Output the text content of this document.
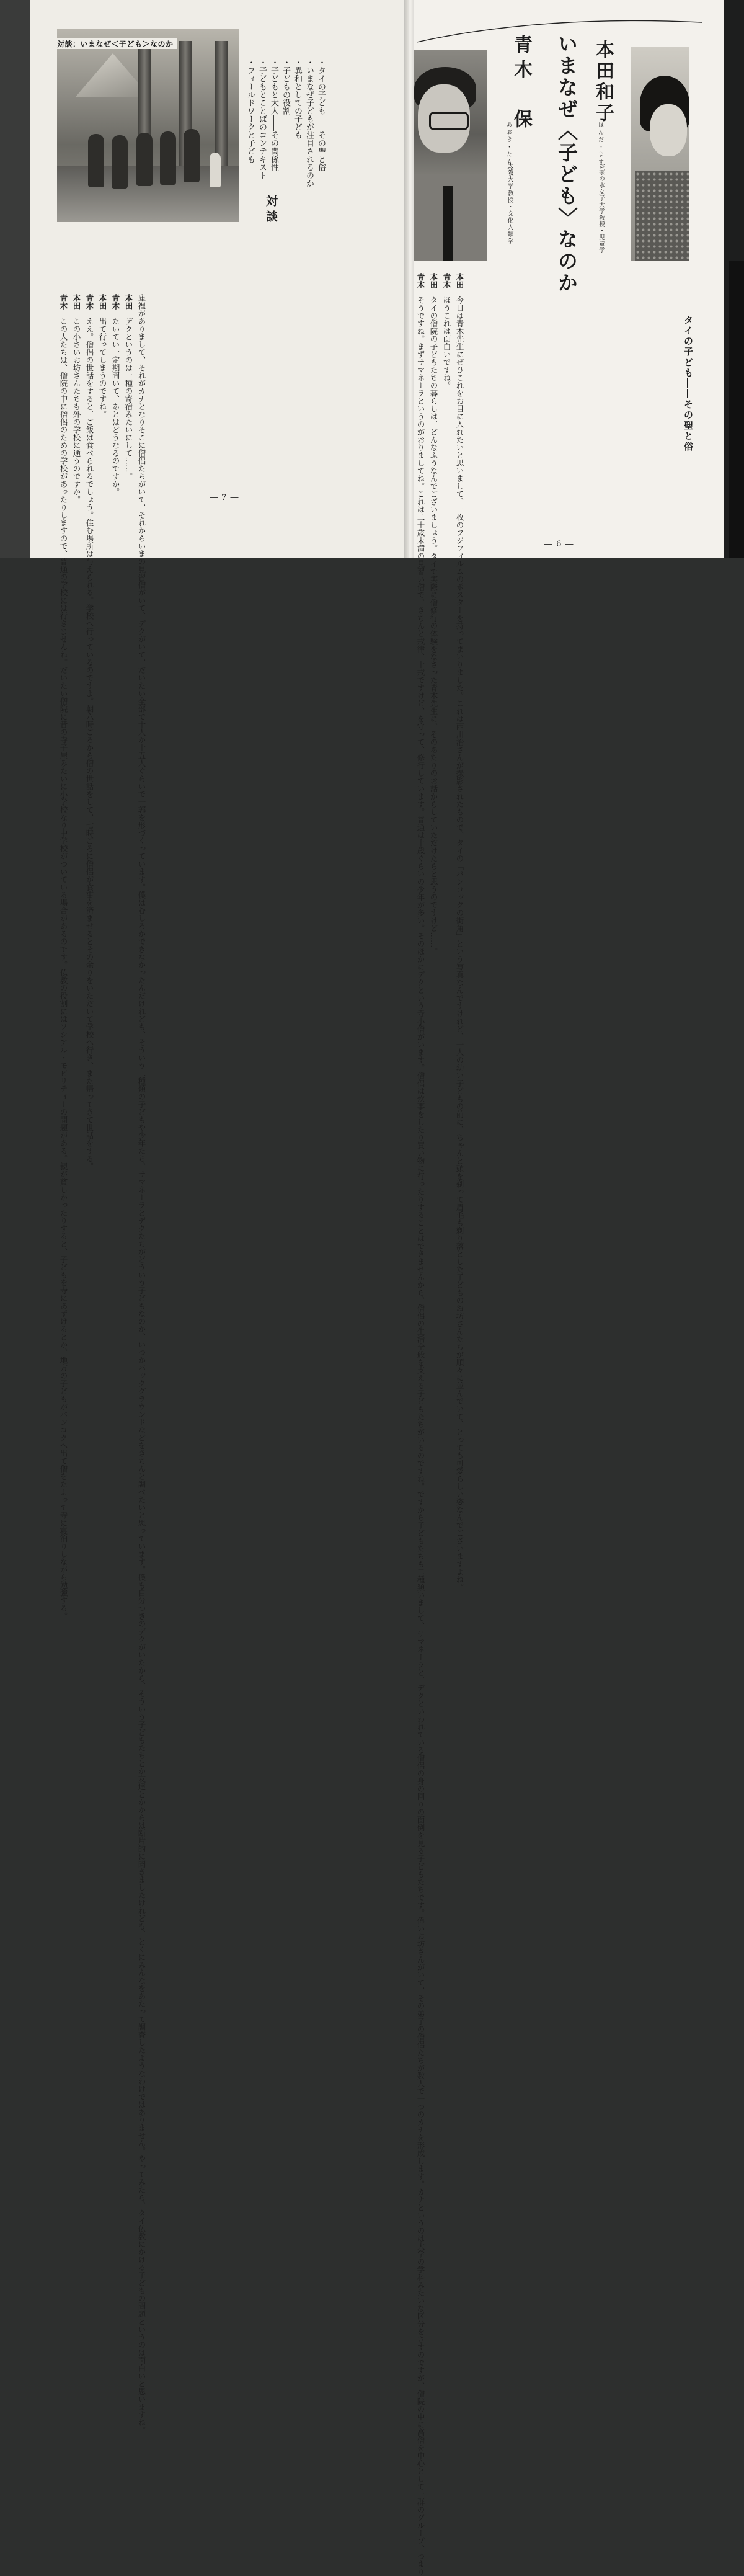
対談：いまなぜ＜子ども＞なのか
・タイの子ども――その聖と俗
・いまなぜ子どもが注目されるのか
・異和としての子ども
・子どもの役割
・子どもと大人――その関係性
・子どもとことばのコンテキスト
・フィールドワークと子ども
対談

庫裡がありまして、それがカナとなりそこに僧侶たちがいて、それからいまの見習僧がいて、デクがいて、だいたい全部で十人か十五人ぐらいで一郭を形づくっています。僕はむしろかできなかったんだけれども、そういう二種類の子どもや少年たち、サマネーラとデクたちがどういう子どもなのか、いつかバックグラウンドなどをきちんと調べたいと思っています。僕も自分つきのデクがいたから、そういう子どもたちとか友達とかからは断片的に聞きましたけれども、とくにみんなをあたって調査したようなわけではありません。やってみたら、タイ仏教にかける子どもの問題というのは面白いと思いますね。

本田　デクというのは一種の寄宿みたいにして……。

青木　たいてい一定期間いて、あとはどうなるのですか。

本田　出て行ってしまうのですね。

青木　ええ。僧侶の世話をすると、ご飯は食べられるでしょう。住む場所は与えられる。学校へ行っているのですよ。朝六時ごろから僧の世話をして、七時ごろに僧侶が食事を済ませるとその余りをいただいて学校へ行き、また帰ってきて世話をする。

本田　この小さいお坊さんたちも外の学校に通うのですか。

青木　この人たちは、僧院の中に僧侶のための学校があったりしますので、普通の学校には行きませんね。だいたい僧院に昔の寺子屋みたいに小学校なり中学校がついている場合があるのです。仏教の役割にはソシアル・モビリティーの問題がある。親が貧しかったりすると、子どもを寺にあずけるとか、地方の子どもがバンコクへ出て僧をたよって寺に寝泊りしながら勉強する。	― 7 ―
青木　保
あおき・たもつ
大阪大学教授・文化人類学 いまなぜ〈子ども〉なのか 本田和子
ほんだ・ますこ
お茶の水女子大学教授・児童学
タイの子ども――その聖と俗

本田　今日は青木先生にぜひこれをお目に入れたいと思いまして、一枚のフジフィルムのポスターを持ってまいりました。これは西川治さんが撮影されたもので、タイの「バンコックの街角」という写真なんですけれど、一人の幼い子どもの前に、ちゃんと頭を剃って眉毛も剃り落とした子どものお坊さんたちが順々に並んでいて、とっても可愛らしい姿なんでございますよね。

青木　ほうこれは面白いですね。

本田　タイの僧院の子どもたちの暮らしは、どんなふうなんでございましょう。タイで実際に僧修行の体験をなさった青木先生に、そのあたりのお話からしていただけたらと思うのですけど……。

青木　そうですね。まずサマネーラというのがおりましてね。これは二十歳未満の見習い僧で、きちんと戒律、十戒ですけど、を守って、修行しています。普通は十歳ぐらいの少年が多い。そのほかにデクという寺小僧がいます。僧侶は炊事をしたり買い物に行ったりすることはできませんから、僧侶の生活全般を支える子どもたちがいるのですね。ですから子どもたちも二種類いまして、サマネーラと、デクといわれている僧侶の身の回りの面倒を見る子どもたちです。偉いお坊さんがいて、その弟子の僧侶たちが数人で一つのカナを形成します。カナというのは大学の学科みたいな区分をさすのですが、僧院の中に高僧を中心として一群のグループ、つまり	― 6 ―
